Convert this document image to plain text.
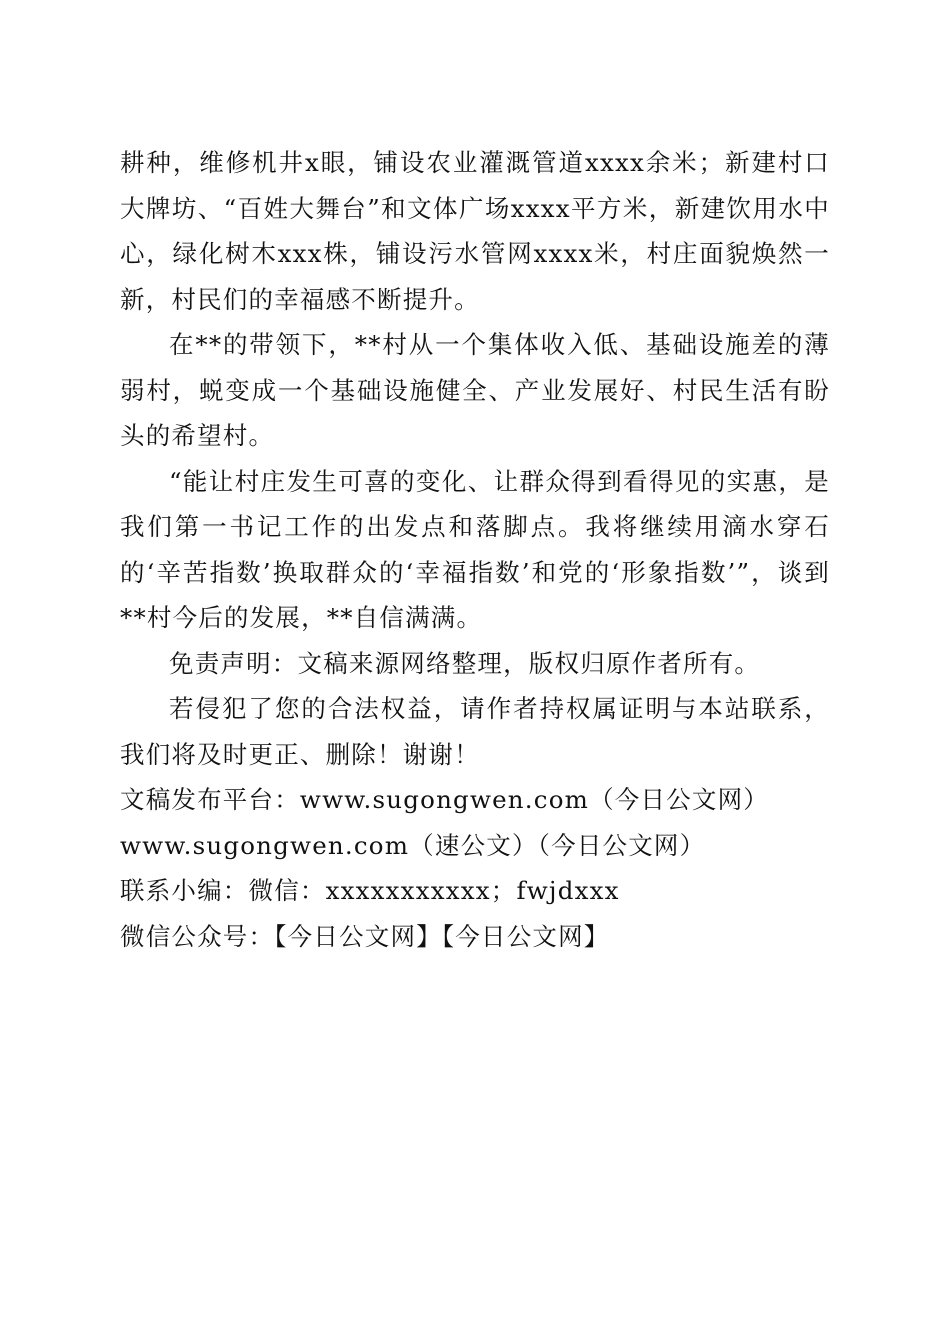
耕种，维修机井x眼，铺设农业灌溉管道xxxx余米；新建村口大牌坊、“百姓大舞台”和文体广场xxxx平方米，新建饮用水中心，绿化树木xxx株，铺设污水管网xxxx米，村庄面貌焕然一新，村民们的幸福感不断提升。

在**的带领下，**村从一个集体收入低、基础设施差的薄弱村，蜕变成一个基础设施健全、产业发展好、村民生活有盼头的希望村。

“能让村庄发生可喜的变化、让群众得到看得见的实惠，是我们第一书记工作的出发点和落脚点。我将继续用滴水穿石的‘辛苦指数’换取群众的‘幸福指数’和党的‘形象指数’”，谈到**村今后的发展，**自信满满。

免责声明：文稿来源网络整理，版权归原作者所有。

若侵犯了您的合法权益，请作者持权属证明与本站联系，我们将及时更正、删除！谢谢！

文稿发布平台：www.sugongwen.com（今日公文网）

www.sugongwen.com（速公文）（今日公文网）

联系小编：微信：xxxxxxxxxxx；fwjdxxx

微信公众号：【今日公文网】【今日公文网】
